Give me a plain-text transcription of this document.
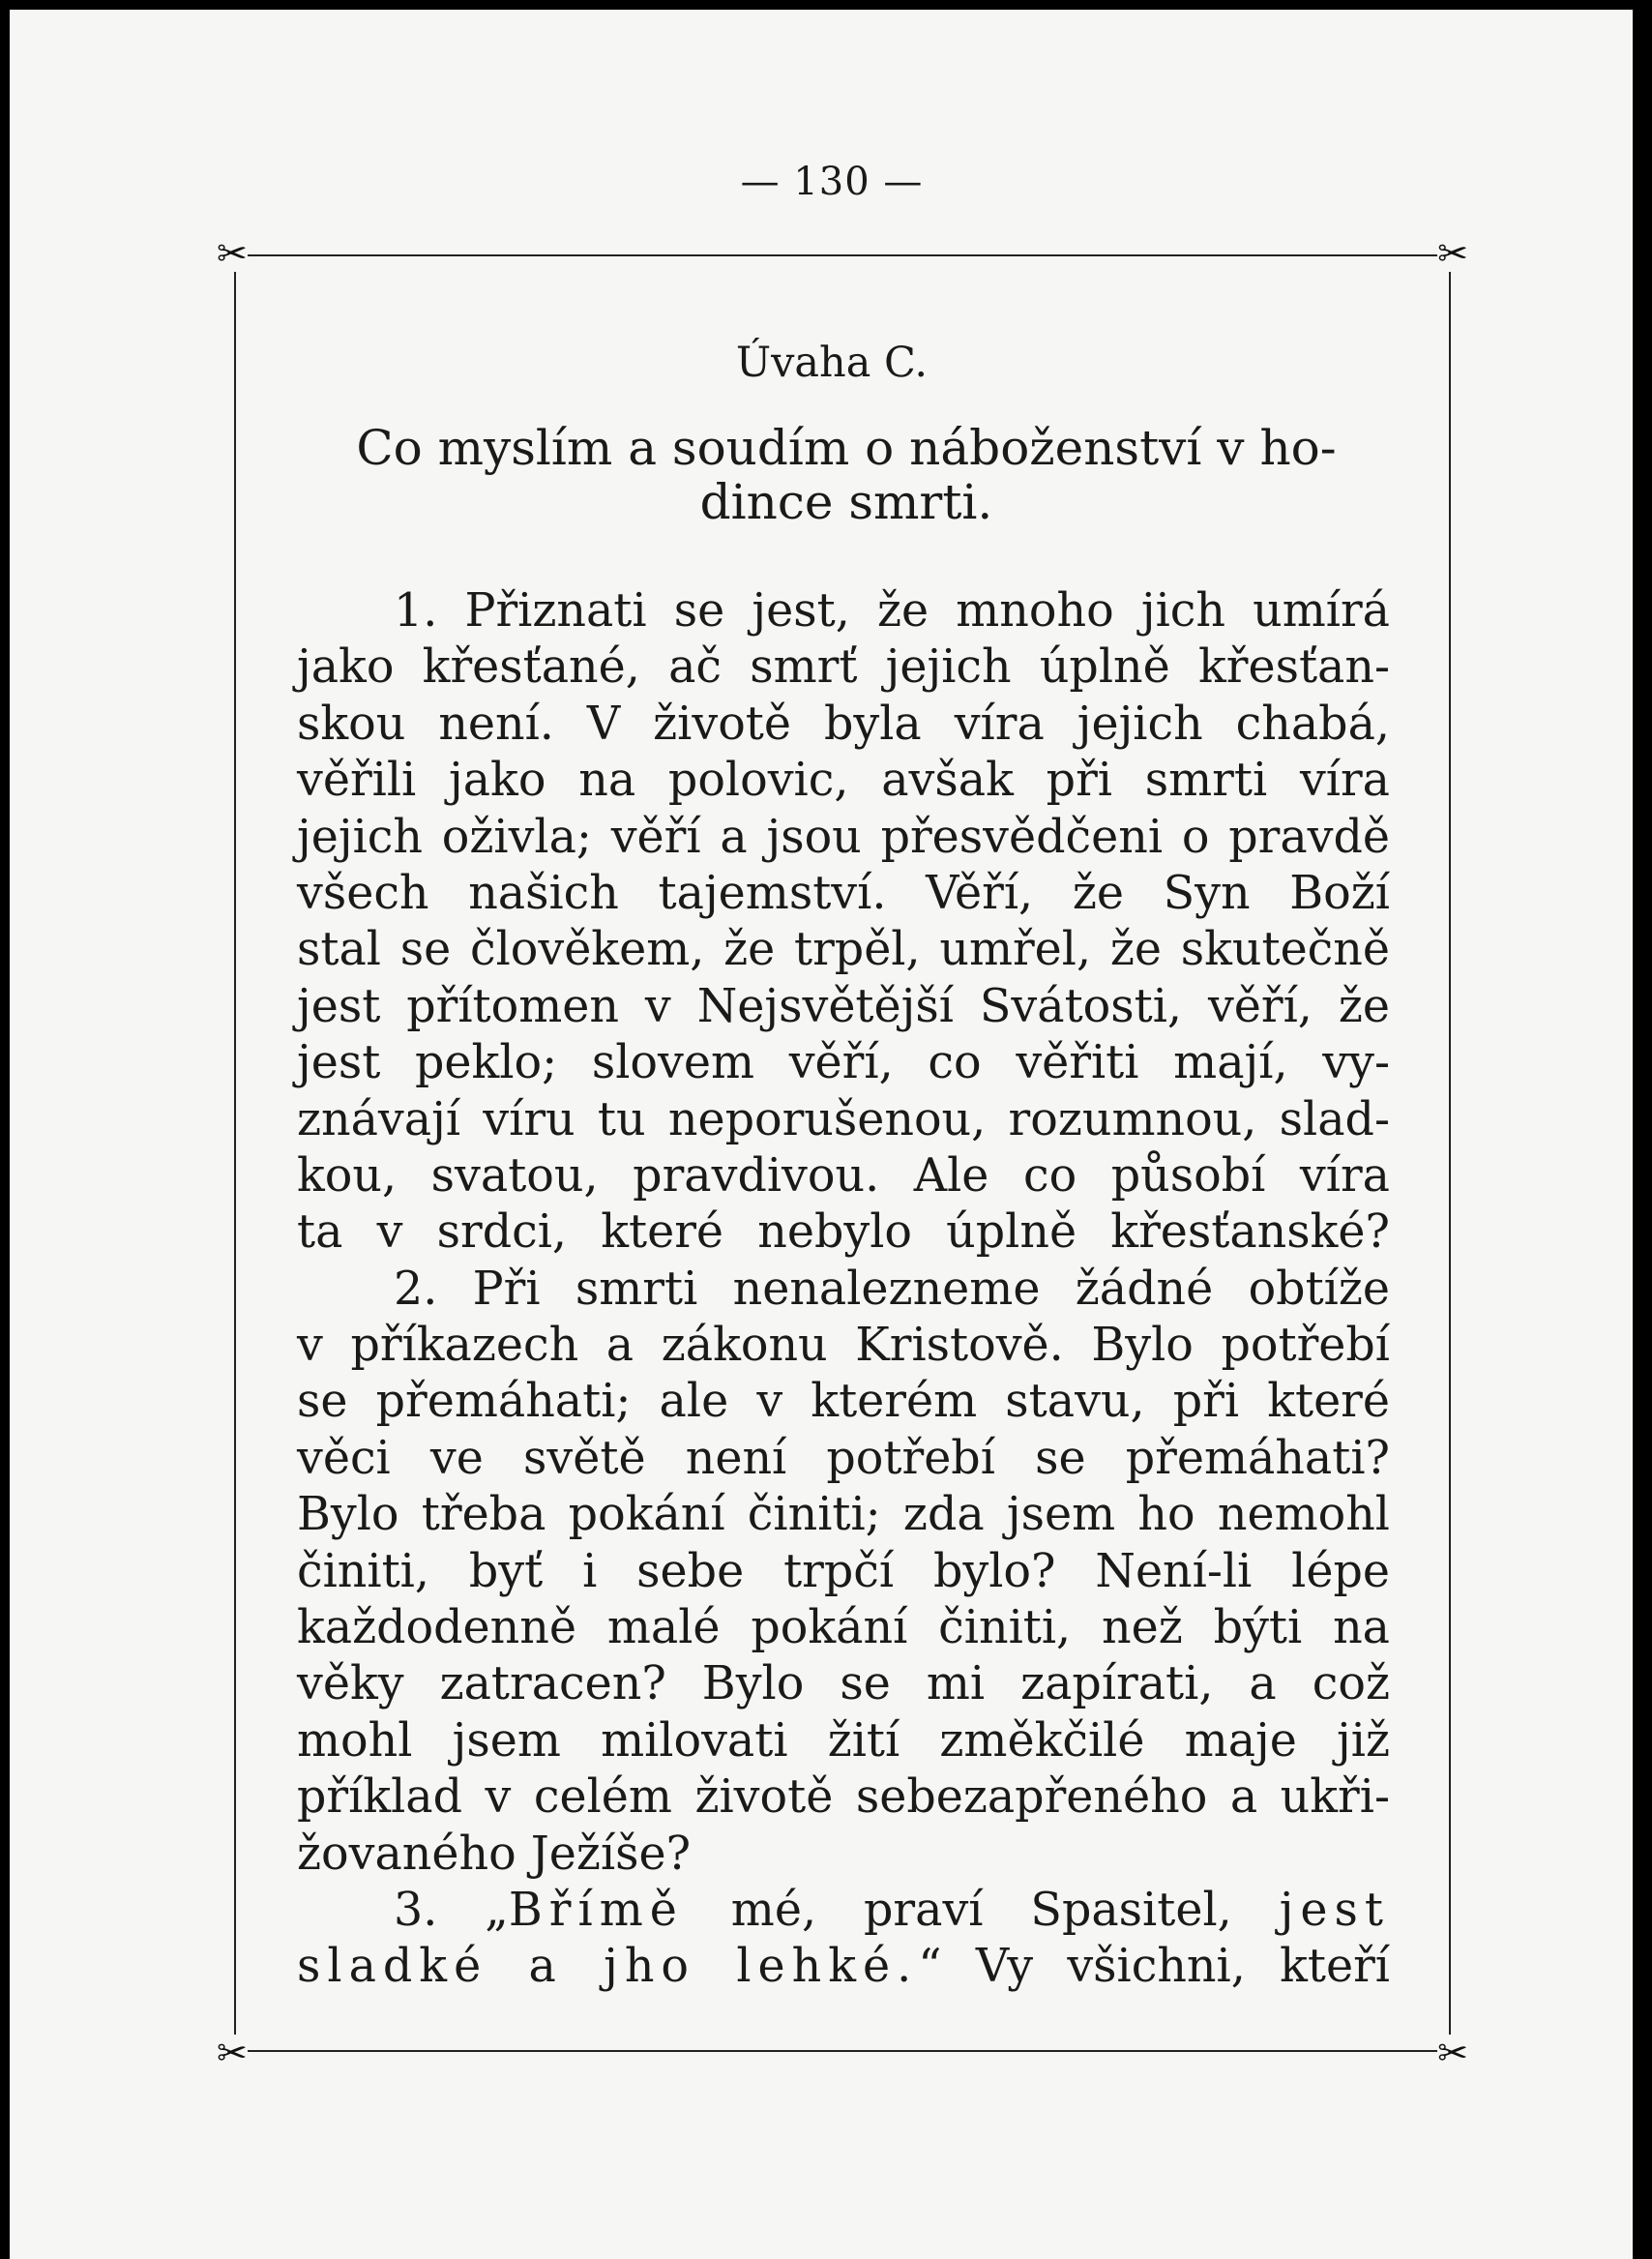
— 130 —
✂	✂
✂	✂
Úvaha C.
Co myslím a soudím o náboženství v ho-
dince smrti.

1. Přiznati se jest, že mnoho jich umírá
jako křesťané, ač smrť jejich úplně křesťan-
skou není. V životě byla víra jejich chabá,
věřili jako na polovic, avšak při smrti víra
jejich oživla; věří a jsou přesvědčeni o pravdě
všech našich tajemství. Věří, že Syn Boží
stal se člověkem, že trpěl, umřel, že skutečně
jest přítomen v Nejsvětější Svátosti, věří, že
jest peklo; slovem věří, co věřiti mají, vy-
znávají víru tu neporušenou, rozumnou, slad-
kou, svatou, pravdivou. Ale co působí víra
ta v srdci, které nebylo úplně křesťanské?

2. Při smrti nenalezneme žádné obtíže
v příkazech a zákonu Kristově. Bylo potřebí
se přemáhati; ale v kterém stavu, při které
věci ve světě není potřebí se přemáhati?
Bylo třeba pokání činiti; zda jsem ho nemohl
činiti, byť i sebe trpčí bylo? Není-li lépe
každodenně malé pokání činiti, než býti na
věky zatracen? Bylo se mi zapírati, a což
mohl jsem milovati žití změkčilé maje již
příklad v celém životě sebezapřeného a ukři-
žovaného Ježíše?

3. „Břímě mé, praví Spasitel, jest
sladké a jho lehké.“ Vy všichni, kteří
